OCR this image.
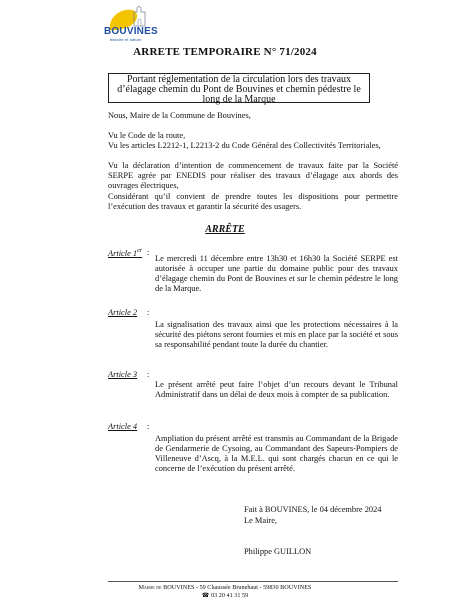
BOUVINES
histoire et nature
ARRETE TEMPORAIRE N° 71/2024
Portant réglementation de la circulation lors des travaux d’élagage chemin du Pont de Bouvines et chemin pédestre le long de la Marque
Nous, Maire de la Commune de Bouvines,
Vu le Code de la route,
Vu les articles L2212-1, L2213-2 du Code Général des Collectivités Territoriales,
Vu la déclaration d’intention de commencement de travaux faite par la Société SERPE agrée par ENEDIS pour réaliser des travaux d’élagage aux abords des ouvrages électriques,
Considérant qu’il convient de prendre toutes les dispositions pour permettre l’exécution des travaux et garantir la sécurité des usagers.
ARRÊTE
Article 1er :
Le mercredi 11 décembre entre 13h30 et 16h30 la Société SERPE est autorisée à occuper une partie du domaine public pour des travaux d’élagage chemin du Pont de Bouvines et sur le chemin pédestre le long de la Marque.
Article 2 :
La signalisation des travaux ainsi que les protections nécessaires à la sécurité des piétons seront fournies et mis en place par la société et sous sa responsabilité pendant toute la durée du chantier.
Article 3 :
Le présent arrêté peut faire l’objet d’un recours devant le Tribunal Administratif dans un délai de deux mois à compter de sa publication.
Article 4 :
Ampliation du présent arrêté est transmis au Commandant de la Brigade de Gendarmerie de Cysoing, au Commandant des Sapeurs-Pompiers de Villeneuve d’Ascq, à la M.E.L. qui sont chargés chacun en ce qui le concerne de l’exécution du présent arrêté.
Fait à BOUVINES, le 04 décembre 2024
Le Maire,
Philippe GUILLON
Mairie de BOUVINES - 59 Chaussée Brunehaut - 59830 BOUVINES
☎ 03 20 41 31 59
